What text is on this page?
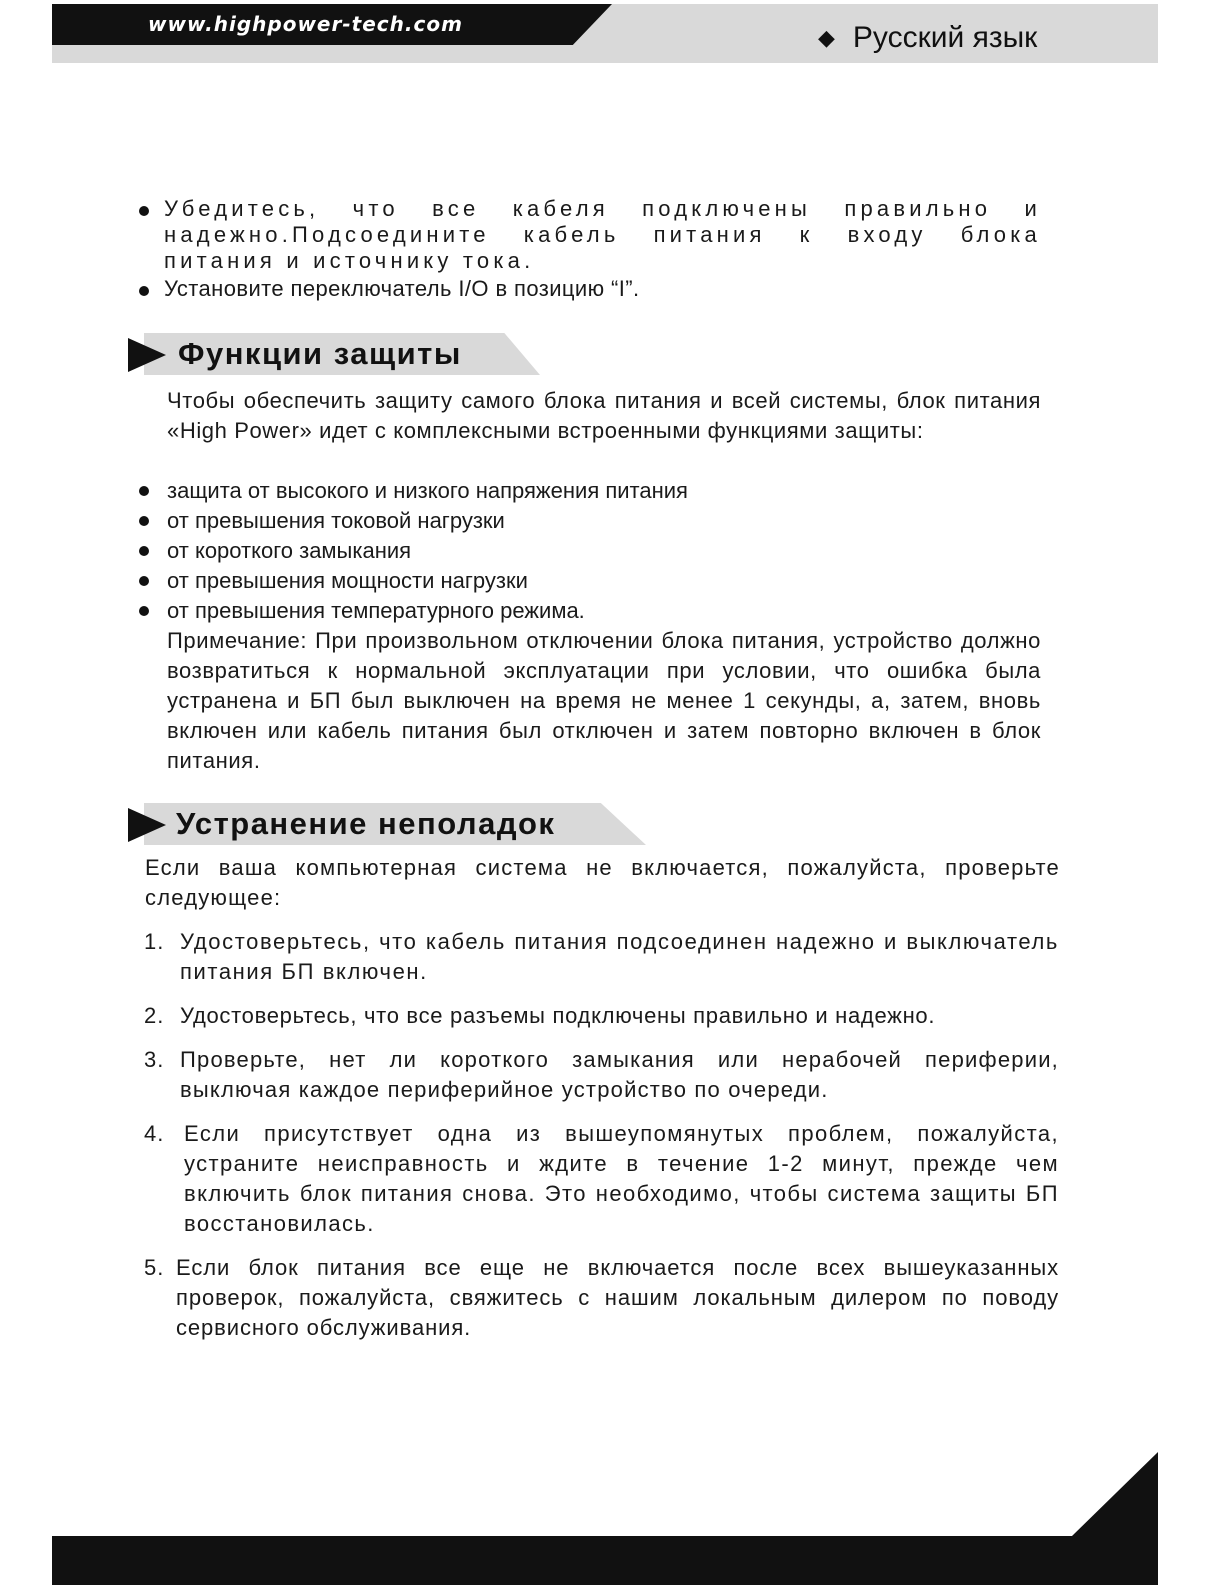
www.highpower-tech.com
◆ Русский язык
Убедитесь, что все кабеля подключены правильно и надежно.Подсоедините кабель питания к входу блока питания и источнику тока.
Установите переключатель I/O в позицию “I”.
Функции защиты

Чтобы обеспечить защиту самого блока питания и всей системы, блок питания «High Power» идет с комплексными встроенными функциями защиты:

защита от высокого и низкого напряжения питания
от превышения токовой нагрузки
от короткого замыкания
от превышения мощности нагрузки
от превышения температурного режима.

Примечание: При произвольном отключении блока питания, устройство должно возвратиться к нормальной эксплуатации при условии, что ошибка была устранена и БП был выключен на время не менее 1 секунды, а, затем, вновь включен или кабель питания был отключен и затем повторно включен в блок питания.

Устранение неполадок

Если ваша компьютерная система не включается, пожалуйста, проверьте следующее:

1. Удостоверьтесь, что кабель питания подсоединен надежно и выключатель питания БП включен.
2. Удостоверьтесь, что все разъемы подключены правильно и надежно.
3. Проверьте, нет ли короткого замыкания или нерабочей периферии, выключая каждое периферийное устройство по очереди.
4. Если присутствует одна из вышеупомянутых проблем, пожалуйста, устраните неисправность и ждите в течение 1-2 минут, прежде чем включить блок питания снова. Это необходимо, чтобы система защиты БП восстановилась.
5. Если блок питания все еще не включается после всех вышеуказанных проверок, пожалуйста, свяжитесь с нашим локальным дилером по поводу сервисного обслуживания.
